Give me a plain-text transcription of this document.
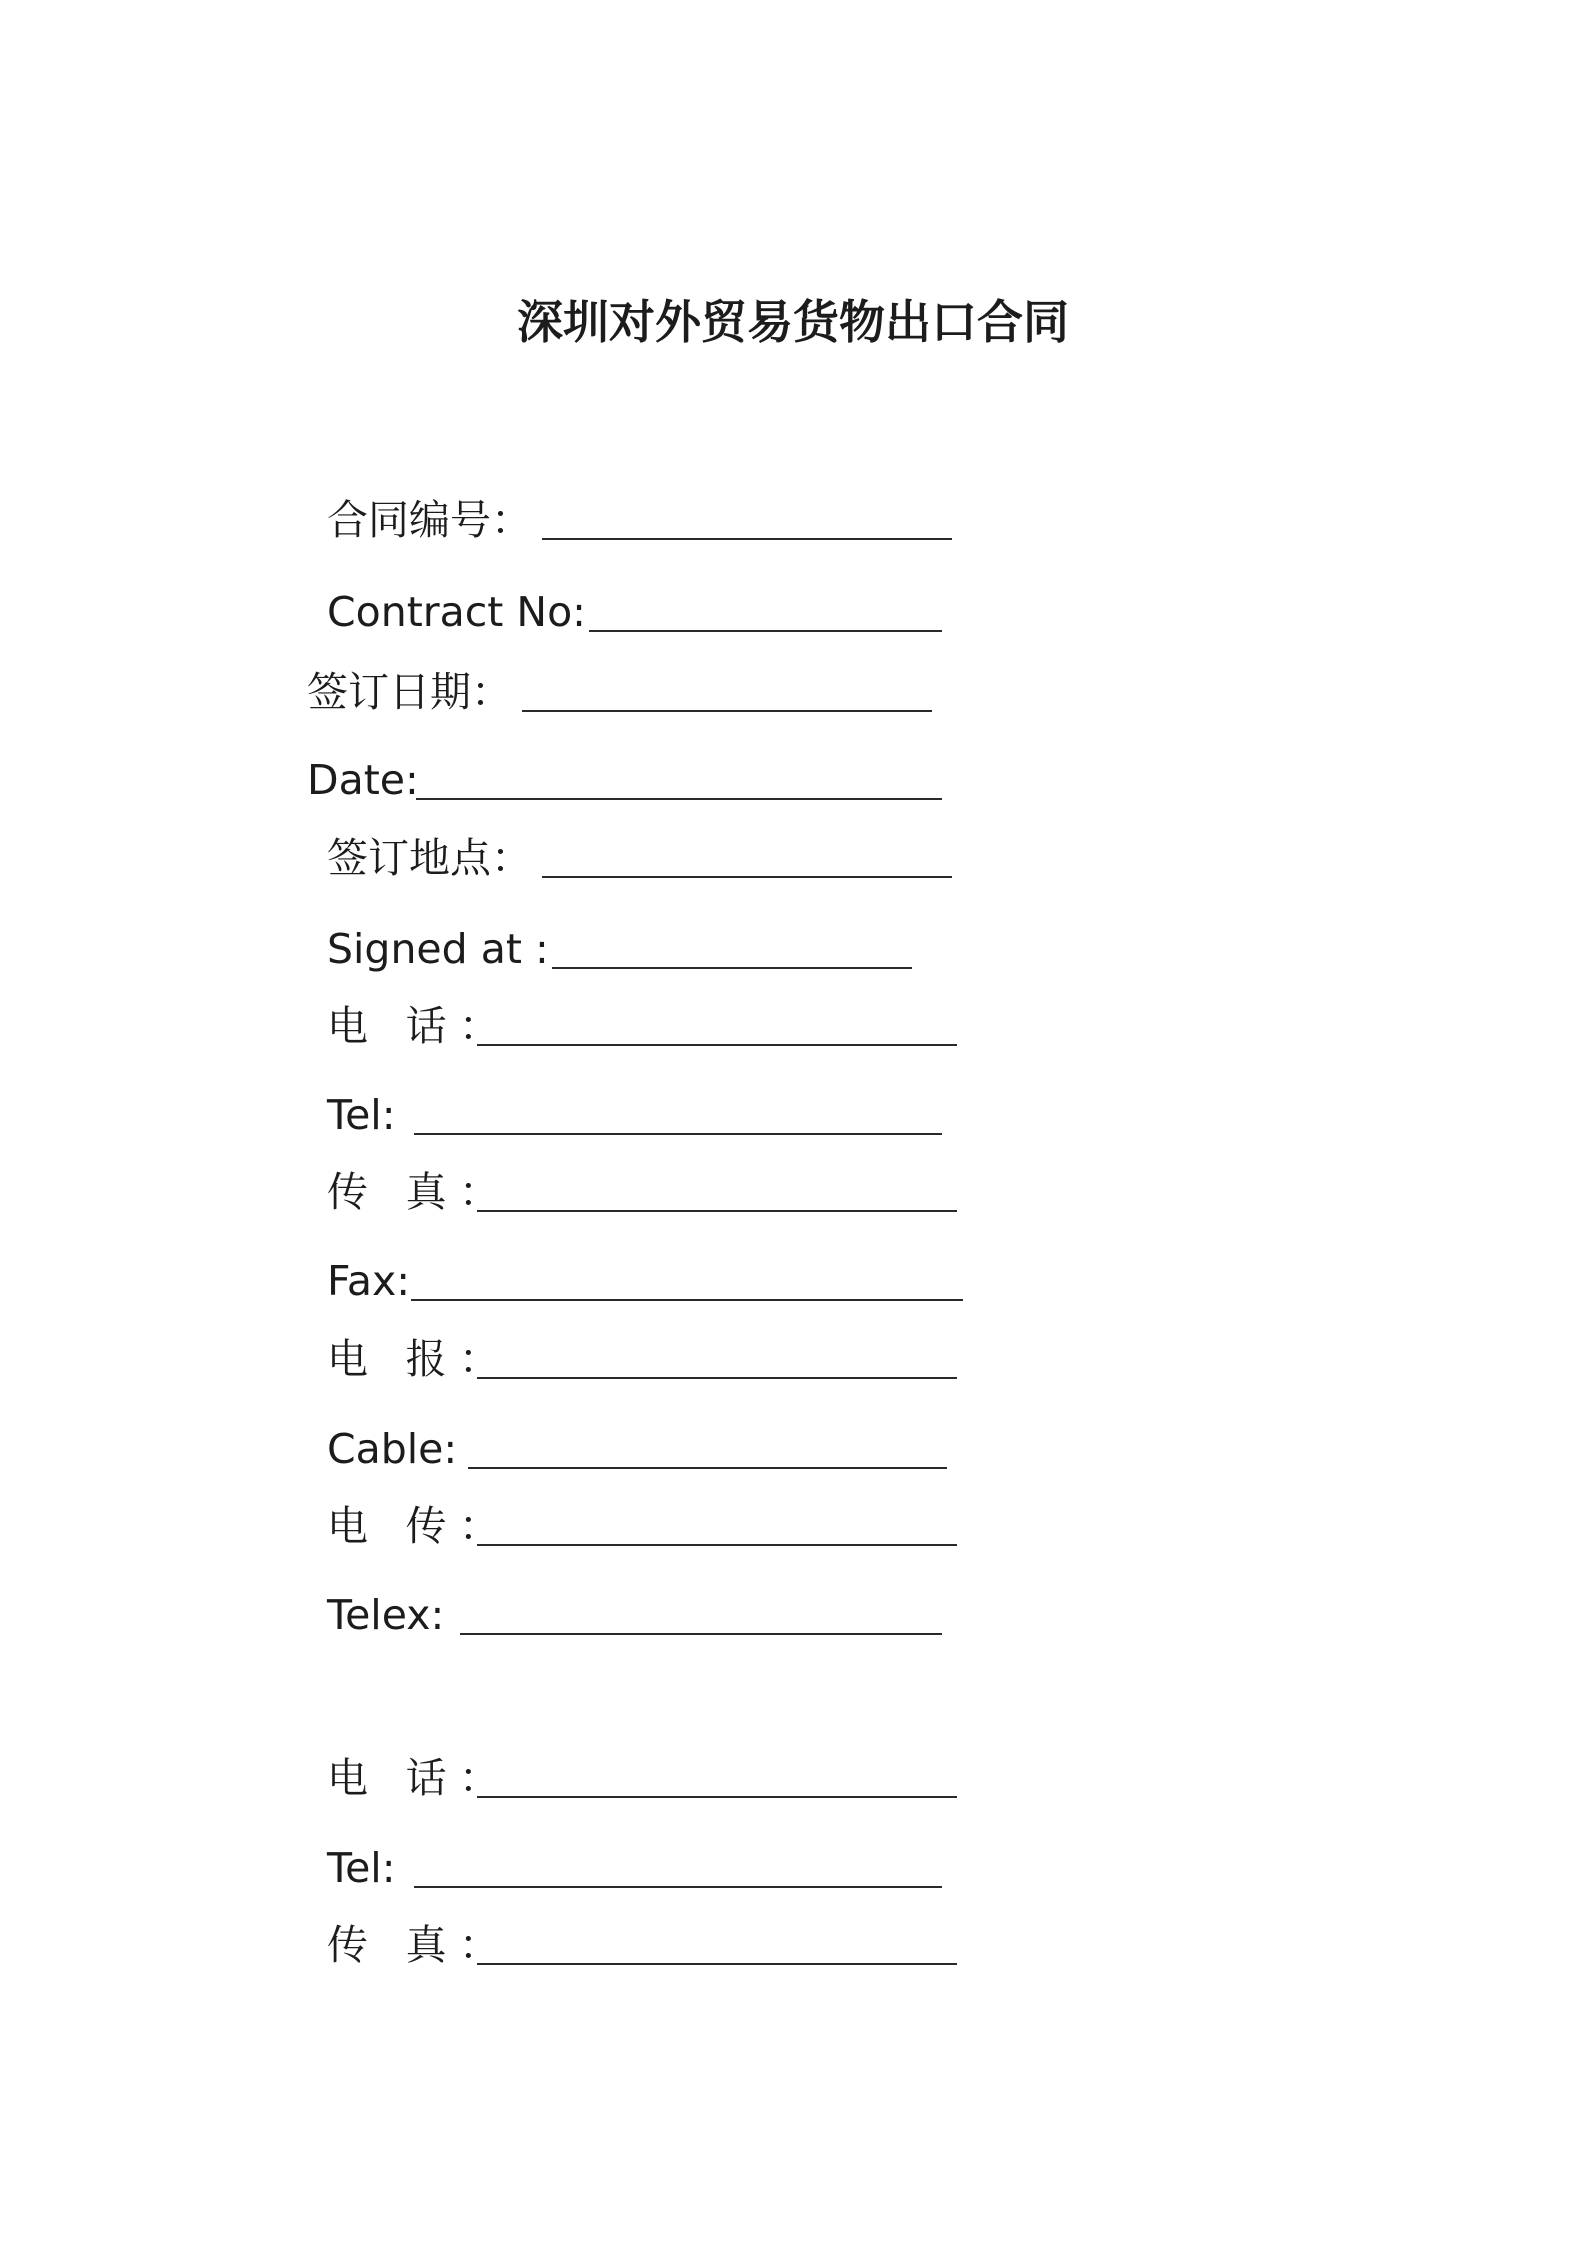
深圳对外贸易货物出口合同
合同编号：
Contract No:
签订日期：
Date:
签订地点：
Signed at :
电 话：
Tel:
传 真：
Fax:
电 报：
Cable:
电 传：
Telex:
电 话：
Tel:
传 真：
